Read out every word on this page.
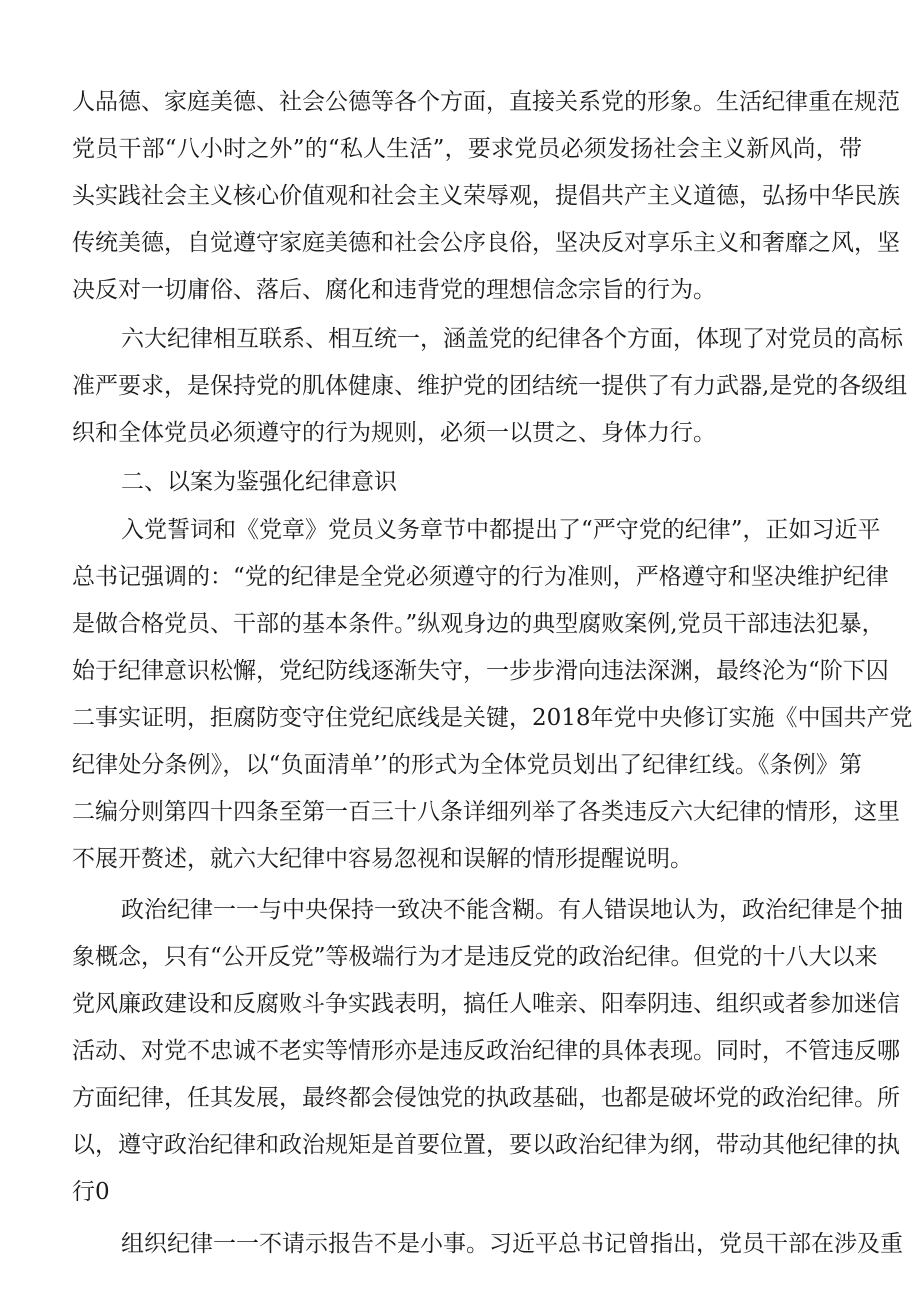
人品德、家庭美德、社会公德等各个方面，直接关系党的形象。生活纪律重在规范
党员干部“八小时之外”的“私人生活”，要求党员必须发扬社会主义新风尚，带
头实践社会主义核心价值观和社会主义荣辱观，提倡共产主义道德，弘扬中华民族
传统美德，自觉遵守家庭美德和社会公序良俗，坚决反对享乐主义和奢靡之风，坚
决反对一切庸俗、落后、腐化和违背党的理想信念宗旨的行为。
六大纪律相互联系、相互统一，涵盖党的纪律各个方面，体现了对党员的高标
准严要求，是保持党的肌体健康、维护党的团结统一提供了有力武器,是党的各级组
织和全体党员必须遵守的行为规则，必须一以贯之、身体力行。
二、以案为鉴强化纪律意识
入党誓词和《党章》党员义务章节中都提出了“严守党的纪律”，正如习近平
总书记强调的：“党的纪律是全党必须遵守的行为准则，严格遵守和坚决维护纪律
是做合格党员、干部的基本条件。”纵观身边的典型腐败案例,党员干部违法犯暴，
始于纪律意识松懈，党纪防线逐渐失守，一步步滑向违法深渊，最终沦为“阶下囚
二事实证明，拒腐防变守住党纪底线是关键，2018年党中央修订实施《中国共产党
纪律处分条例》，以“负面清单’’的形式为全体党员划出了纪律红线。《条例》第
二编分则第四十四条至第一百三十八条详细列举了各类违反六大纪律的情形，这里
不展开赘述，就六大纪律中容易忽视和误解的情形提醒说明。
政治纪律一一与中央保持一致决不能含糊。有人错误地认为，政治纪律是个抽
象概念，只有“公开反党”等极端行为才是违反党的政治纪律。但党的十八大以来
党风廉政建设和反腐败斗争实践表明，搞任人唯亲、阳奉阴违、组织或者参加迷信
活动、对党不忠诚不老实等情形亦是违反政治纪律的具体表现。同时，不管违反哪
方面纪律，任其发展，最终都会侵蚀党的执政基础，也都是破坏党的政治纪律。所
以，遵守政治纪律和政治规矩是首要位置，要以政治纪律为纲，带动其他纪律的执
行0
组织纪律一一不请示报告不是小事。习近平总书记曾指出，党员干部在涉及重
